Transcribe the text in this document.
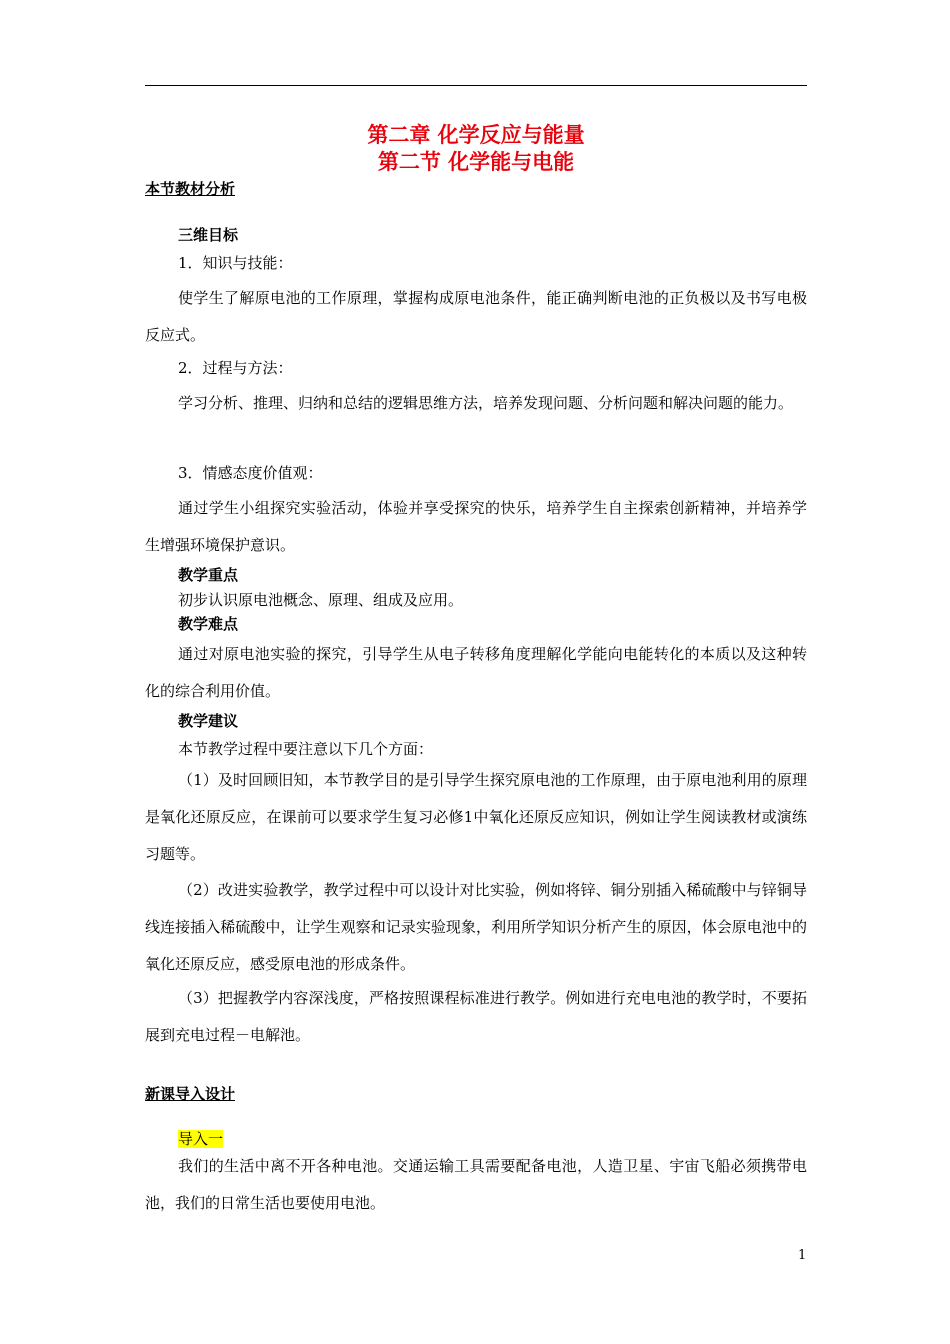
第二章 化学反应与能量
第二节 化学能与电能
本节教材分析
三维目标
1．知识与技能：
使学生了解原电池的工作原理，掌握构成原电池条件，能正确判断电池的正负极以及书写电极反应式。
2．过程与方法：
学习分析、推理、归纳和总结的逻辑思维方法，培养发现问题、分析问题和解决问题的能力。
3．情感态度价值观：
通过学生小组探究实验活动，体验并享受探究的快乐，培养学生自主探索创新精神，并培养学生增强环境保护意识。
教学重点
初步认识原电池概念、原理、组成及应用。
教学难点
通过对原电池实验的探究，引导学生从电子转移角度理解化学能向电能转化的本质以及这种转化的综合利用价值。
教学建议
本节教学过程中要注意以下几个方面：
（1）及时回顾旧知，本节教学目的是引导学生探究原电池的工作原理，由于原电池利用的原理是氧化还原反应，在课前可以要求学生复习必修1中氧化还原反应知识，例如让学生阅读教材或演练习题等。
（2）改进实验教学，教学过程中可以设计对比实验，例如将锌、铜分别插入稀硫酸中与锌铜导线连接插入稀硫酸中，让学生观察和记录实验现象，利用所学知识分析产生的原因，体会原电池中的氧化还原反应，感受原电池的形成条件。
（3）把握教学内容深浅度，严格按照课程标准进行教学。例如进行充电电池的教学时，不要拓展到充电过程－电解池。
新课导入设计
导入一
我们的生活中离不开各种电池。交通运输工具需要配备电池，人造卫星、宇宙飞船必须携带电池，我们的日常生活也要使用电池。
1
